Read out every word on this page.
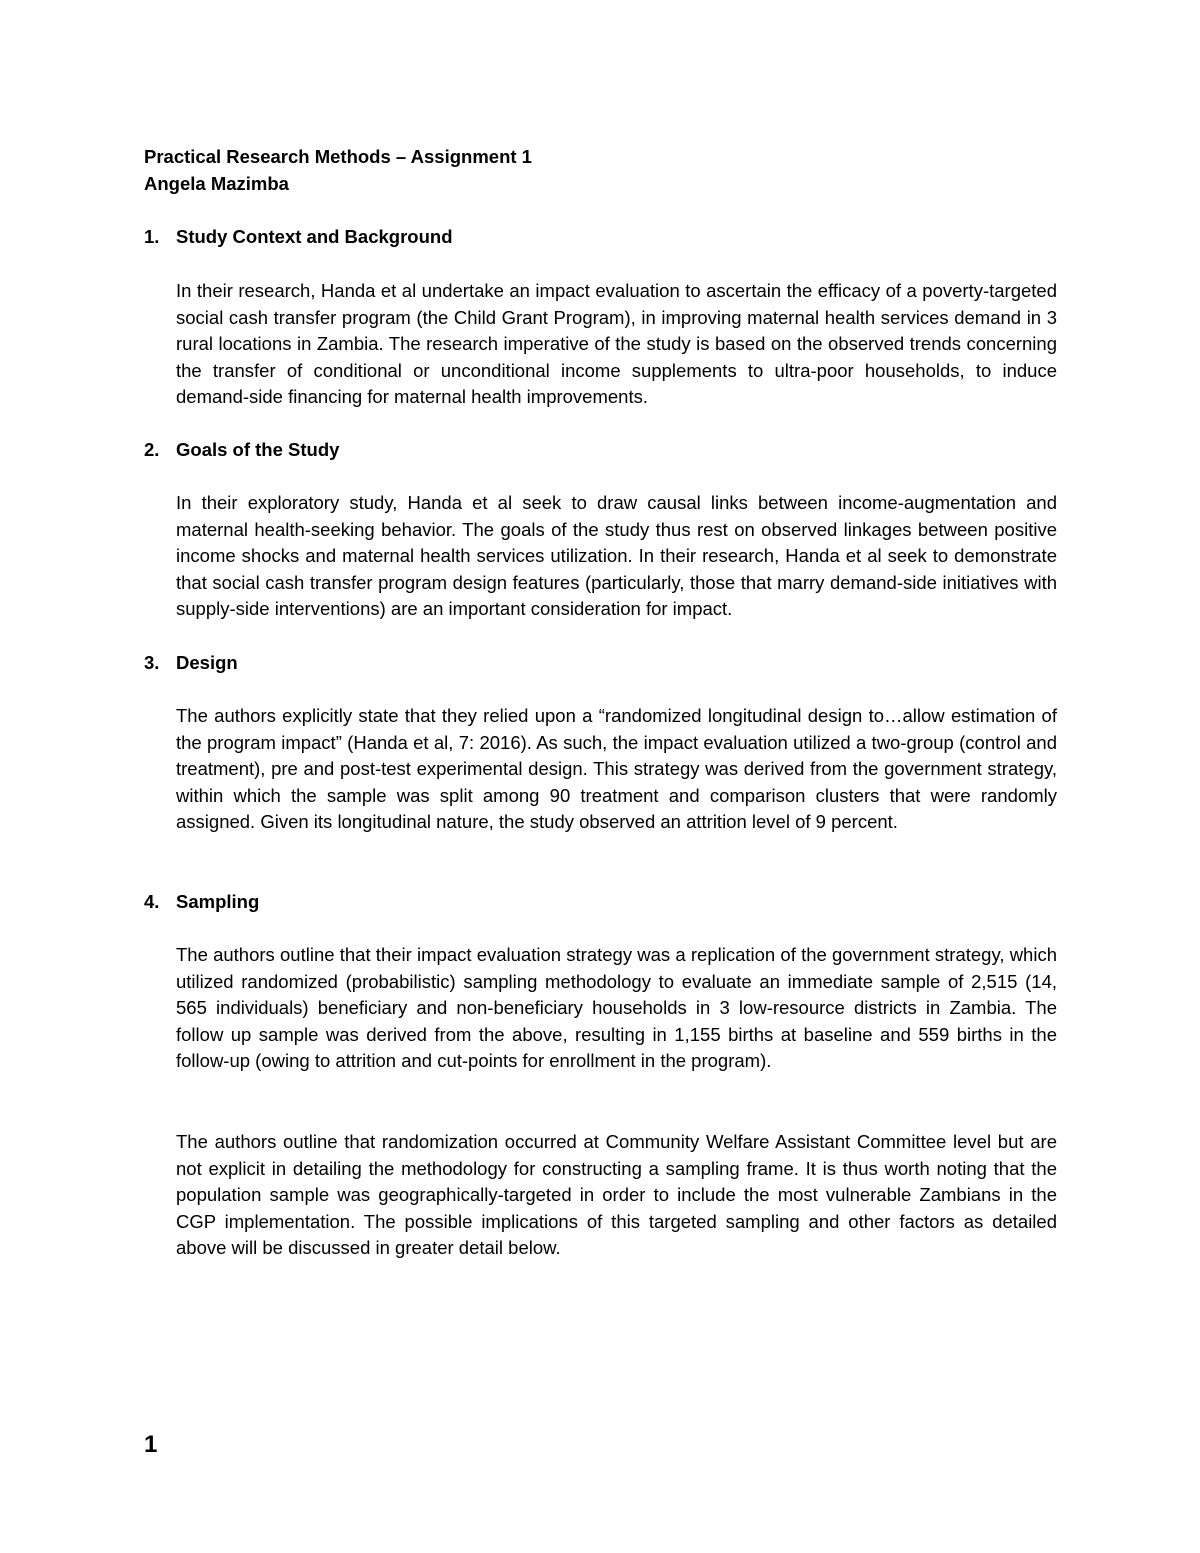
Practical Research Methods – Assignment 1
Angela Mazimba
1. Study Context and Background
In their research, Handa et al undertake an impact evaluation to ascertain the efficacy of a poverty-targeted social cash transfer program (the Child Grant Program), in improving maternal health services demand in 3 rural locations in Zambia. The research imperative of the study is based on the observed trends concerning the transfer of conditional or unconditional income supplements to ultra-poor households, to induce demand-side financing for maternal health improvements.
2. Goals of the Study
In their exploratory study, Handa et al seek to draw causal links between income-augmentation and maternal health-seeking behavior. The goals of the study thus rest on observed linkages between positive income shocks and maternal health services utilization. In their research, Handa et al seek to demonstrate that social cash transfer program design features (particularly, those that marry demand-side initiatives with supply-side interventions) are an important consideration for impact.
3. Design
The authors explicitly state that they relied upon a “randomized longitudinal design to…allow estimation of the program impact” (Handa et al, 7: 2016). As such, the impact evaluation utilized a two-group (control and treatment), pre and post-test experimental design. This strategy was derived from the government strategy, within which the sample was split among 90 treatment and comparison clusters that were randomly assigned. Given its longitudinal nature, the study observed an attrition level of 9 percent.
4. Sampling
The authors outline that their impact evaluation strategy was a replication of the government strategy, which utilized randomized (probabilistic) sampling methodology to evaluate an immediate sample of 2,515 (14, 565 individuals) beneficiary and non-beneficiary households in 3 low-resource districts in Zambia. The follow up sample was derived from the above, resulting in 1,155 births at baseline and 559 births in the follow-up (owing to attrition and cut-points for enrollment in the program).
The authors outline that randomization occurred at Community Welfare Assistant Committee level but are not explicit in detailing the methodology for constructing a sampling frame. It is thus worth noting that the population sample was geographically-targeted in order to include the most vulnerable Zambians in the CGP implementation. The possible implications of this targeted sampling and other factors as detailed above will be discussed in greater detail below.
1
